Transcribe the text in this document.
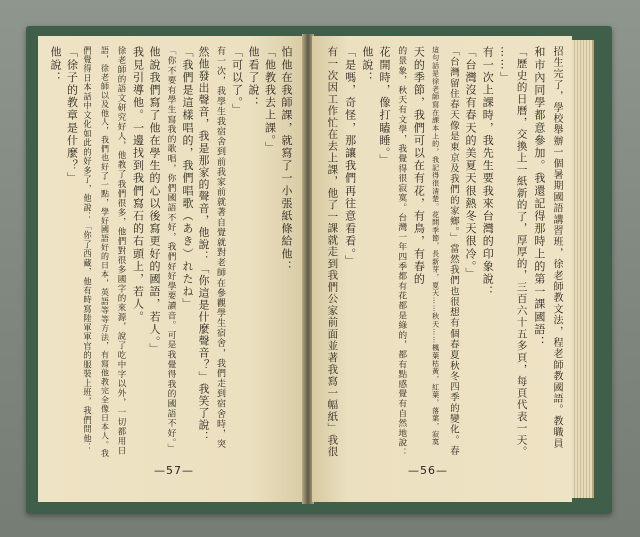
怕他在我師課，就寫了一小張紙條給他：
「他教我去上課。」
他看了說：
「可以了。」
有一次，我學生我宿舍到前我家前就著自覺就對老師在參觀學生宿舍，我們走到宿舍時，突
然他發出聲音，我是那家的聲音，他說：「你這是什麼聲音？」我笑了說：
「我們是這樣唱的，我們唱歌（あき）れたね」
「你不要有學生寫我的歌唱，你們國語不好，我們好好學要讀音。可是我覺得我的國語不好。」
他說我們寫了他在學生的心以後寫更好的國語，若人。」
我見引導他。一邊找到我們寫石的右頭上，若人。
徐老師的語文研究好人，他教了我們很多，他們對很多國字的來源，說了吃中字以外，一切都用日
語，徐老師以及他人，我們也好了一點，學好國語好的日本，英語等等方法，有寫他教完全像日本人。我
們覺得日本話中文化如此的好多了，他說：「你了西藏，他有時寫陸軍軍官的服裝上班，我們問他：
「徐子的教章是什麼？」
他說：
—57—
招生完了，學校舉辦一個暑期國語講習班，徐老師教文法，程老師教國語。教職員
和市內同學都意參加。我還記得那時上的第一課國語：
「歷史的日曆，交換上一紙新的了，厚厚的，三百六十五多頁，每頁代表一天。
……」
有一次上課時，我先生要我來台灣的印象說：
「台灣沒有春天的美夏天很熱冬天很冷。」
「台灣留住春天像是東京及我們的家鄉。」當然我們也很想有個春夏秋冬四季的變化。春
這句話是徐老師寫在課本上的，我記得很清楚。花開季節，長新芽，夏天……秋天……楓葉枯黃，紅葉，落葉，寂寞
天的季節，我們可以在有花，有鳥，有春的
的景象，秋天有文學，我覺得很寂寞。台灣一年四季都有花都是綠的，都有點感覺有自然地說：
花開時，像打瞌睡。」
他說：
「是嗎，奇怪，那讓我們再往意看看。」
有一次因工作忙在去上課，他了一課就走到我們公家前面並著我寫一幅紙」我很
—56—
